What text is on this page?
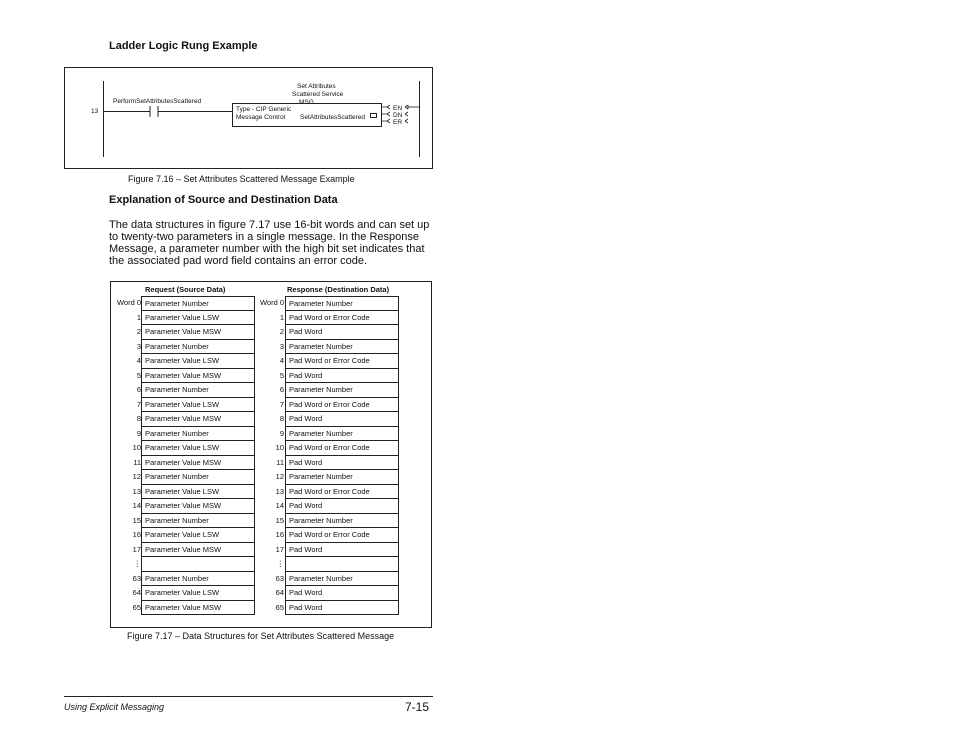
Ladder Logic Rung Example
13
PerformSetAttributesScattered
Set Attributes
Scattered Service
MSG
Type - CIP Generic
Message Control SetAttributesScattered
EN
DN
ER
Figure 7.16 – Set Attributes Scattered Message Example
Explanation of Source and Destination Data
The data structures in figure 7.17 use 16-bit words and can set up to twenty-two parameters in a single message. In the Response Message, a parameter number with the high bit set indicates that the associated pad word field contains an error code.
Request (Source Data)	Response (Destination Data)
Word 0
1
2
3
4
5
6
7
8
9
10
11
12
13
14
15
16
17
⋮
63
64
65
Parameter Number
Parameter Value LSW
Parameter Value MSW
Parameter Number
Parameter Value LSW
Parameter Value MSW
Parameter Number
Parameter Value LSW
Parameter Value MSW
Parameter Number
Parameter Value LSW
Parameter Value MSW
Parameter Number
Parameter Value LSW
Parameter Value MSW
Parameter Number
Parameter Value LSW
Parameter Value MSW
Parameter Number
Parameter Value LSW
Parameter Value MSW
Word 0
1
2
3
4
5
6
7
8
9
10
11
12
13
14
15
16
17
⋮
63
64
65
Parameter Number
Pad Word or Error Code
Pad Word
Parameter Number
Pad Word or Error Code
Pad Word
Parameter Number
Pad Word or Error Code
Pad Word
Parameter Number
Pad Word or Error Code
Pad Word
Parameter Number
Pad Word or Error Code
Pad Word
Parameter Number
Pad Word or Error Code
Pad Word
Parameter Number
Pad Word
Pad Word
Figure 7.17 – Data Structures for Set Attributes Scattered Message
Using Explicit Messaging	7-15
